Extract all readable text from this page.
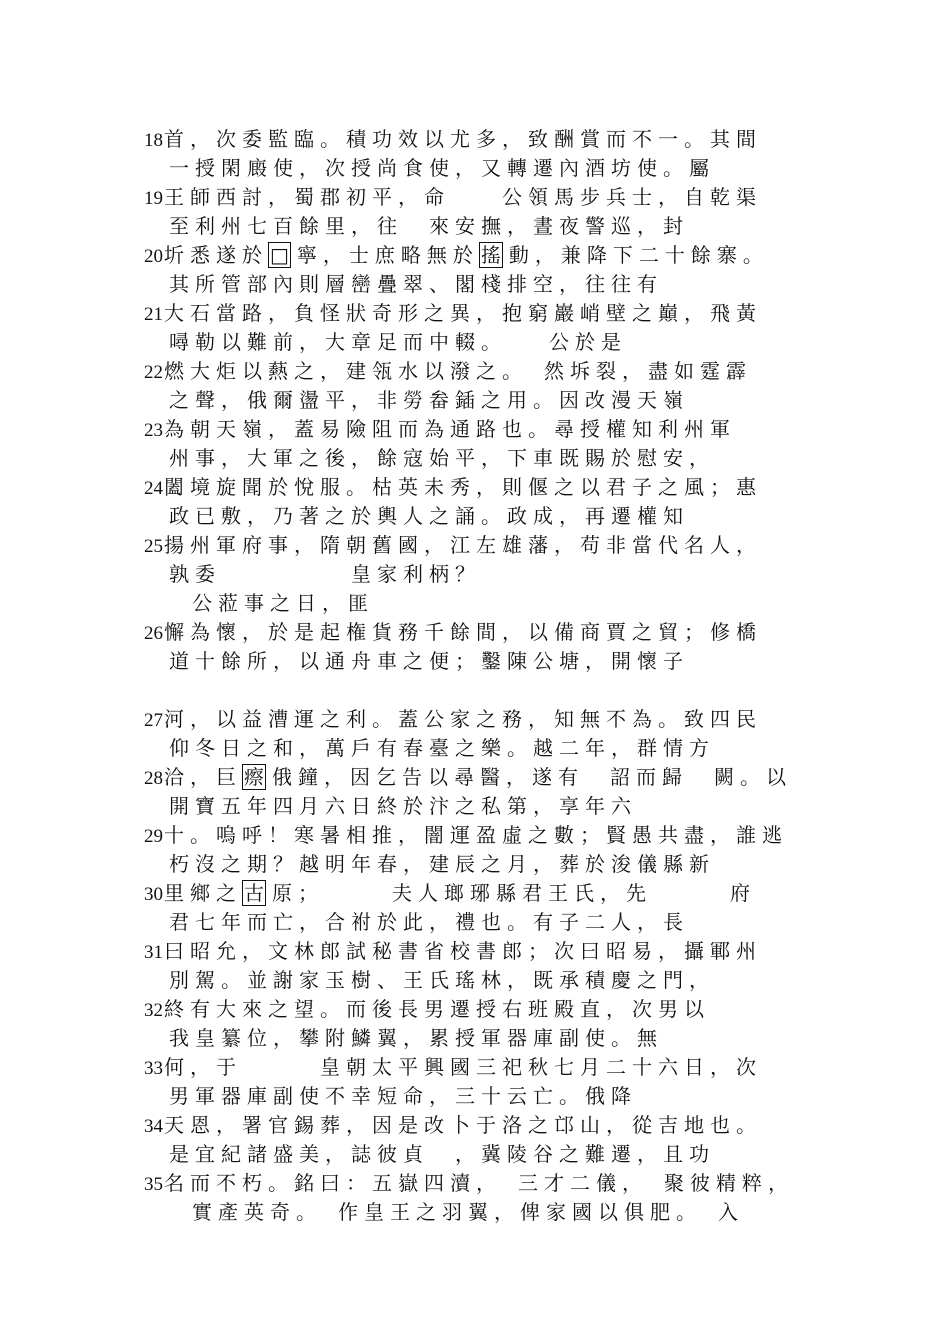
18首，次委監臨。積功效以尤多，致酬賞而不一。其間
一授閑廄使，次授尚食使，又轉遷內酒坊使。屬
19王師西討，蜀郡初平，命　　公領馬步兵士，自乾渠
至利州七百餘里，往　來安撫，晝夜警巡，封
20圻悉遂於 □ 寧，士庶略無於 搖 動，兼降下二十餘寨。
其所管部內則層巒疊翠、閣棧排空，往往有
21大石當路，負怪狀奇形之異，抱窮巖峭壁之巔，飛黃
噚勒以難前，大章足而中輟。　　公於是
22燃大炬以爇之，建瓴水以潑之。　然坼裂，盡如霆霹
之聲，俄爾盪平，非勞畚鍤之用。因改漫天嶺
23為朝天嶺，蓋易險阻而為通路也。尋授權知利州軍
州事，大軍之後，餘寇始平，下車既賜於慰安，
24闔境旋聞於悅服。枯英未秀，則偃之以君子之風；惠
政已敷，乃著之於輿人之誦。政成，再遷權知
25揚州軍府事，隋朝舊國，江左雄藩，苟非當代名人，
孰委　　　　　皇家利柄？
公蒞事之日，匪
26懈為懷，於是起権貨務千餘間，以備商賈之貿；修橋
道十餘所，以通舟車之便；鑿陳公塘，開懷子
27河，以益漕運之利。蓋公家之務，知無不為。致四民
仰冬日之和，萬戶有春臺之樂。越二年，群情方
28洽，巨 瘵 俄鐘，因乞告以尋醫，遂有　詔而歸　闕。以
開寶五年四月六日終於汴之私第，享年六
29十。嗚呼！寒暑相推，闇運盈虛之數；賢愚共盡，誰逃
朽沒之期？越明年春，建辰之月，葬於浚儀縣新
30里鄉之 古 原；　　　夫人瑯琊縣君王氏，先　　　府
君七年而亡，合祔於此，禮也。有子二人，長
31曰昭允，文林郎試秘書省校書郎；次曰昭易，攝鄆州
別駕。並謝家玉樹、王氏瑤林，既承積慶之門，
32終有大來之望。而後長男遷授右班殿直，次男以
我皇纂位，攀附鱗翼，累授軍器庫副使。無
33何，于　　　皇朝太平興國三祀秋七月二十六日，次
男軍器庫副使不幸短命，三十云亡。俄降
34天恩，署官錫葬，因是改卜于洛之邙山，從吉地也。
是宜紀諸盛美，誌彼貞　，冀陵谷之難遷，且功
35名而不朽。銘曰：五嶽四瀆，　三才二儀，　聚彼精粹，
實產英奇。　作皇王之羽翼，俾家國以俱肥。　入
